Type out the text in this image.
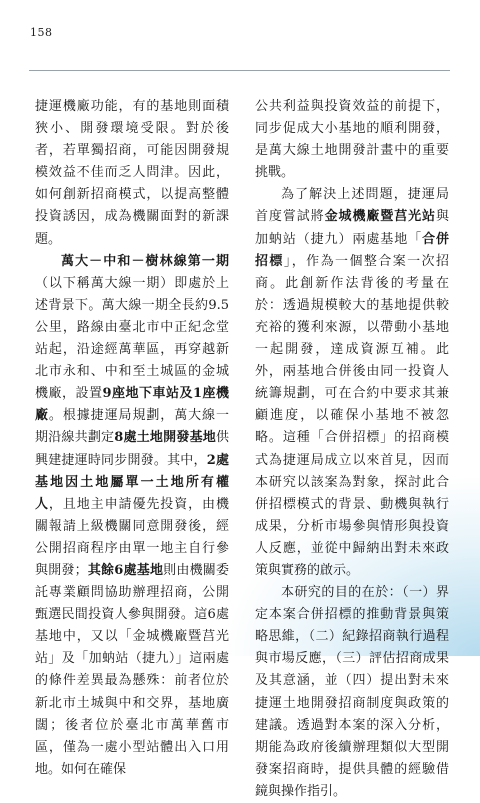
158

捷運機廠功能，有的基地則面積狹小、開發環境受限。對於後者，若單獨招商，可能因開發規模效益不佳而乏人問津。因此，如何創新招商模式，以提高整體投資誘因，成為機關面對的新課題。

萬大－中和－樹林線第一期（以下稱萬大線一期）即處於上述背景下。萬大線一期全長約9.5公里，路線由臺北市中正紀念堂站起，沿途經萬華區，再穿越新北市永和、中和至土城區的金城機廠，設置9座地下車站及1座機廠。根據捷運局規劃，萬大線一期沿線共劃定8處土地開發基地供興建捷運時同步開發。其中，2處基地因土地屬單一土地所有權人，且地主申請優先投資，由機關報請上級機關同意開發後，經公開招商程序由單一地主自行參與開發；其餘6處基地則由機關委託專業顧問協助辦理招商，公開甄選民間投資人參與開發。這6處基地中，又以「金城機廠暨莒光站」及「加蚋站（捷九）」這兩處的條件差異最為懸殊：前者位於新北市土城與中和交界，基地廣闊；後者位於臺北市萬華舊市區，僅為一處小型站體出入口用地。如何在確保

公共利益與投資效益的前提下，同步促成大小基地的順利開發，是萬大線土地開發計畫中的重要挑戰。

為了解決上述問題，捷運局首度嘗試將金城機廠暨莒光站與加蚋站（捷九）兩處基地「合併招標」，作為一個整合案一次招商。此創新作法背後的考量在於：透過規模較大的基地提供較充裕的獲利來源，以帶動小基地一起開發，達成資源互補。此外，兩基地合併後由同一投資人統籌規劃，可在合約中要求其兼顧進度，以確保小基地不被忽略。這種「合併招標」的招商模式為捷運局成立以來首見，因而本研究以該案為對象，探討此合併招標模式的背景、動機與執行成果，分析市場參與情形與投資人反應，並從中歸納出對未來政策與實務的啟示。

本研究的目的在於：（一）界定本案合併招標的推動背景與策略思維，（二）紀錄招商執行過程與市場反應，（三）評估招商成果及其意涵，並（四）提出對未來捷運土地開發招商制度與政策的建議。透過對本案的深入分析，期能為政府後續辦理類似大型開發案招商時，提供具體的經驗借鏡與操作指引。
